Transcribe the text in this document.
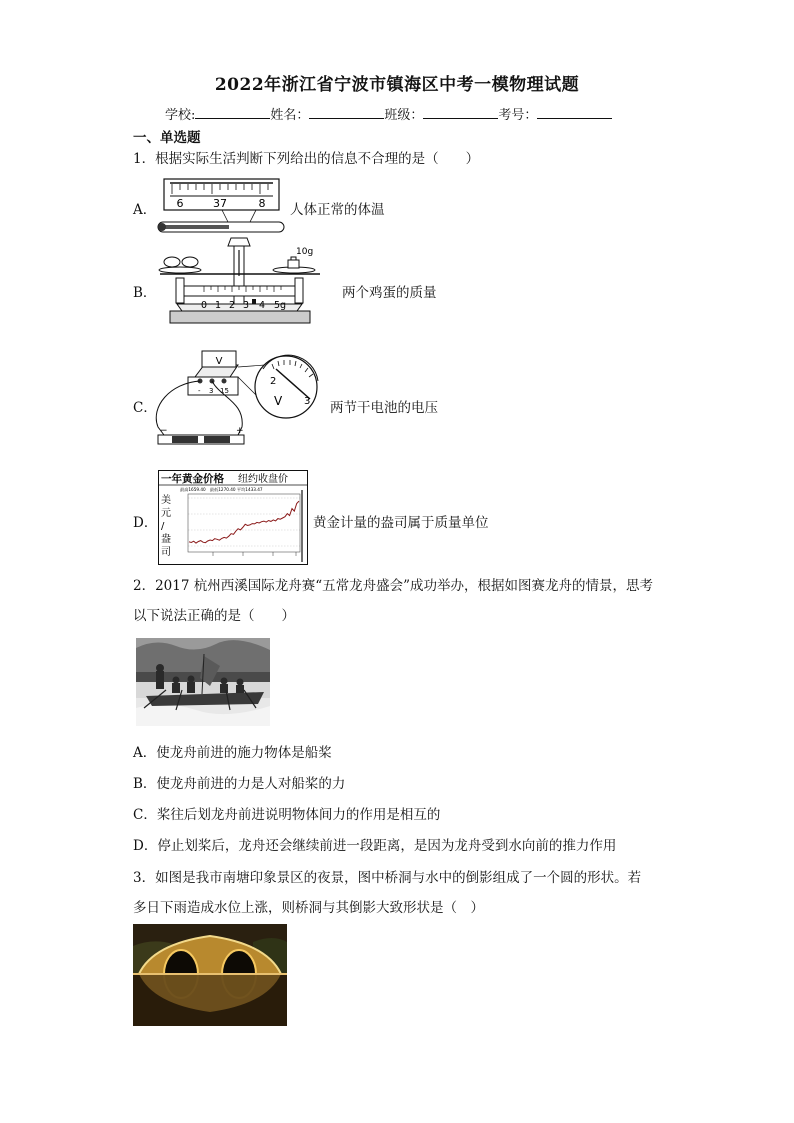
2022年浙江省宁波市镇海区中考一模物理试题
学校:	姓名：	班级：	考号：
一、单选题
1．根据实际生活判断下列给出的信息不合理的是（　　）
A． 6	37	8 人体正常的体温
B．
10g
0 1 2 3 4 5g
两个鸡蛋的质量
C．
V
- 3 15
2
V 3
−	+
两节干电池的电压
D．
一年黄金价格 纽约收盘价
最高1659.40　最低1270.40 平均1433.47
美
元
/
盎
司
黄金计量的盎司属于质量单位
2．2017 杭州西溪国际龙舟赛“五常龙舟盛会”成功举办，根据如图赛龙舟的情景，思考
以下说法正确的是（　　）
A．使龙舟前进的施力物体是船桨
B．使龙舟前进的力是人对船桨的力
C．桨往后划龙舟前进说明物体间力的作用是相互的
D．停止划桨后，龙舟还会继续前进一段距离，是因为龙舟受到水向前的推力作用
3．如图是我市南塘印象景区的夜景，图中桥洞与水中的倒影组成了一个圆的形状。若
多日下雨造成水位上涨，则桥洞与其倒影大致形状是（　）
